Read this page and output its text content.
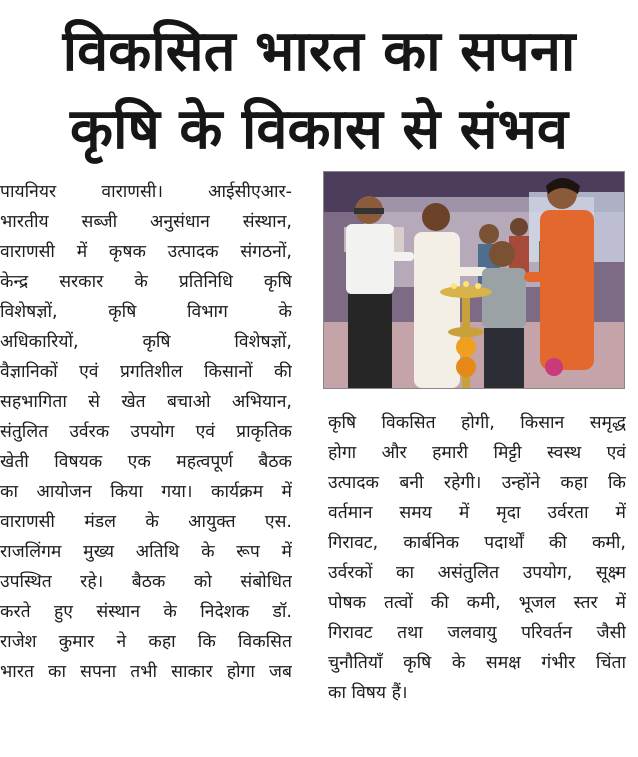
विकसित भारत का सपना
कृषि के विकास से संभव
पायनियर वाराणसी। आईसीएआर-
भारतीय सब्जी अनुसंधान संस्थान,
वाराणसी में कृषक उत्पादक संगठनों,
केन्द्र सरकार के प्रतिनिधि कृषि
विशेषज्ञों, कृषि विभाग के
अधिकारियों, कृषि विशेषज्ञों,
वैज्ञानिकों एवं प्रगतिशील किसानों की
सहभागिता से खेत बचाओ अभियान,
संतुलित उर्वरक उपयोग एवं प्राकृतिक
खेती विषयक एक महत्वपूर्ण बैठक
का आयोजन किया गया। कार्यक्रम में
वाराणसी मंडल के आयुक्त एस.
राजलिंगम मुख्य अतिथि के रूप में
उपस्थित रहे। बैठक को संबोधित
करते हुए संस्थान के निदेशक डॉ.
राजेश कुमार ने कहा कि विकसित
भारत का सपना तभी साकार होगा जब
कृषि विकसित होगी, किसान समृद्ध
होगा और हमारी मिट्टी स्वस्थ एवं
उत्पादक बनी रहेगी। उन्होंने कहा कि
वर्तमान समय में मृदा उर्वरता में
गिरावट, कार्बनिक पदार्थों की कमी,
उर्वरकों का असंतुलित उपयोग, सूक्ष्म
पोषक तत्वों की कमी, भूजल स्तर में
गिरावट तथा जलवायु परिवर्तन जैसी
चुनौतियाँ कृषि के समक्ष गंभीर चिंता
का विषय हैं।
